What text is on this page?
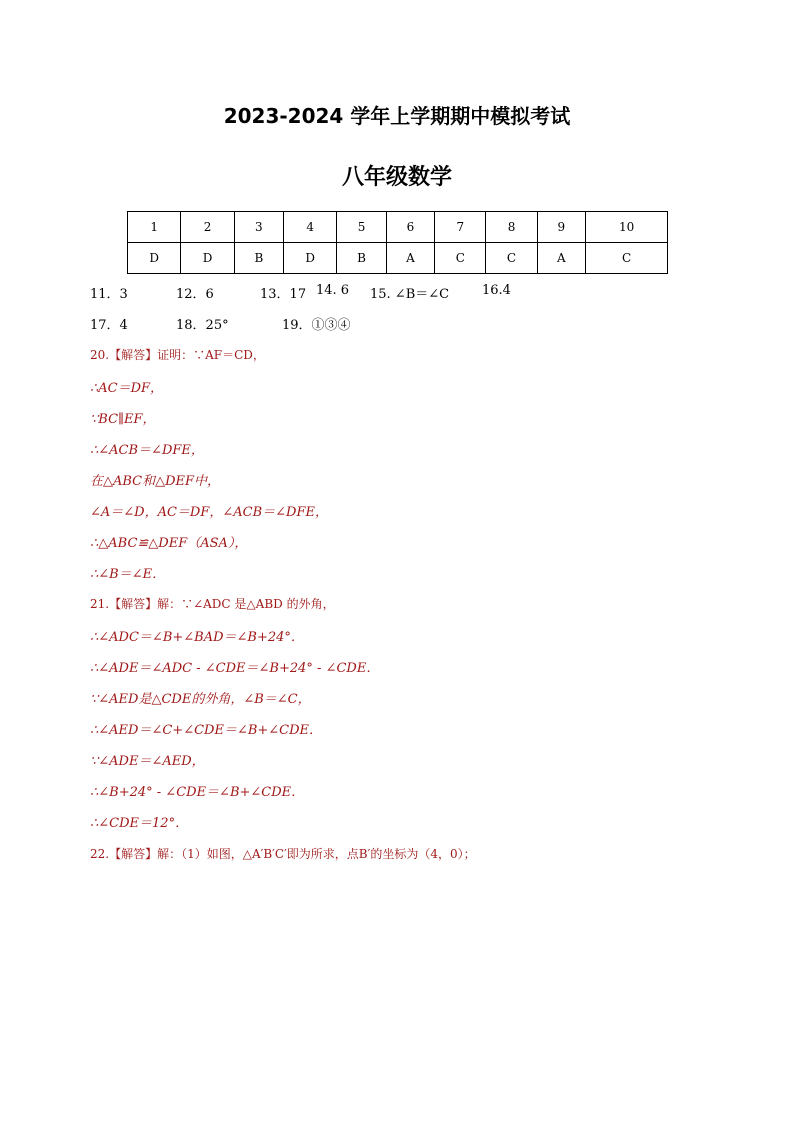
2023-2024 学年上学期期中模拟考试
八年级数学
1	2	3	4	5	6	7	8	9	10
D	D	B	D	B	A	C	C	A	C
11．3	12．6	13．17 14. 6 15. ∠B＝∠C	16.4
17．4	18．25°	19．①③④
20.【解答】证明：∵AF＝CD，
∴AC＝DF，
∵BC∥EF，
∴∠ACB＝∠DFE，
在△ABC和△DEF中，
∠A＝∠D，AC＝DF，∠ACB＝∠DFE，
∴△ABC≌△DEF（ASA），
∴∠B＝∠E．
21.【解答】解：∵∠ADC 是△ABD 的外角，
∴∠ADC＝∠B+∠BAD＝∠B+24°．
∴∠ADE＝∠ADC - ∠CDE＝∠B+24° - ∠CDE．
∵∠AED是△CDE的外角，∠B＝∠C，
∴∠AED＝∠C+∠CDE＝∠B+∠CDE．
∵∠ADE＝∠AED，
∴∠B+24° - ∠CDE＝∠B+∠CDE．
∴∠CDE＝12°．
22.【解答】解：（1）如图，△A′B′C′即为所求，点B′的坐标为（4，0）；
